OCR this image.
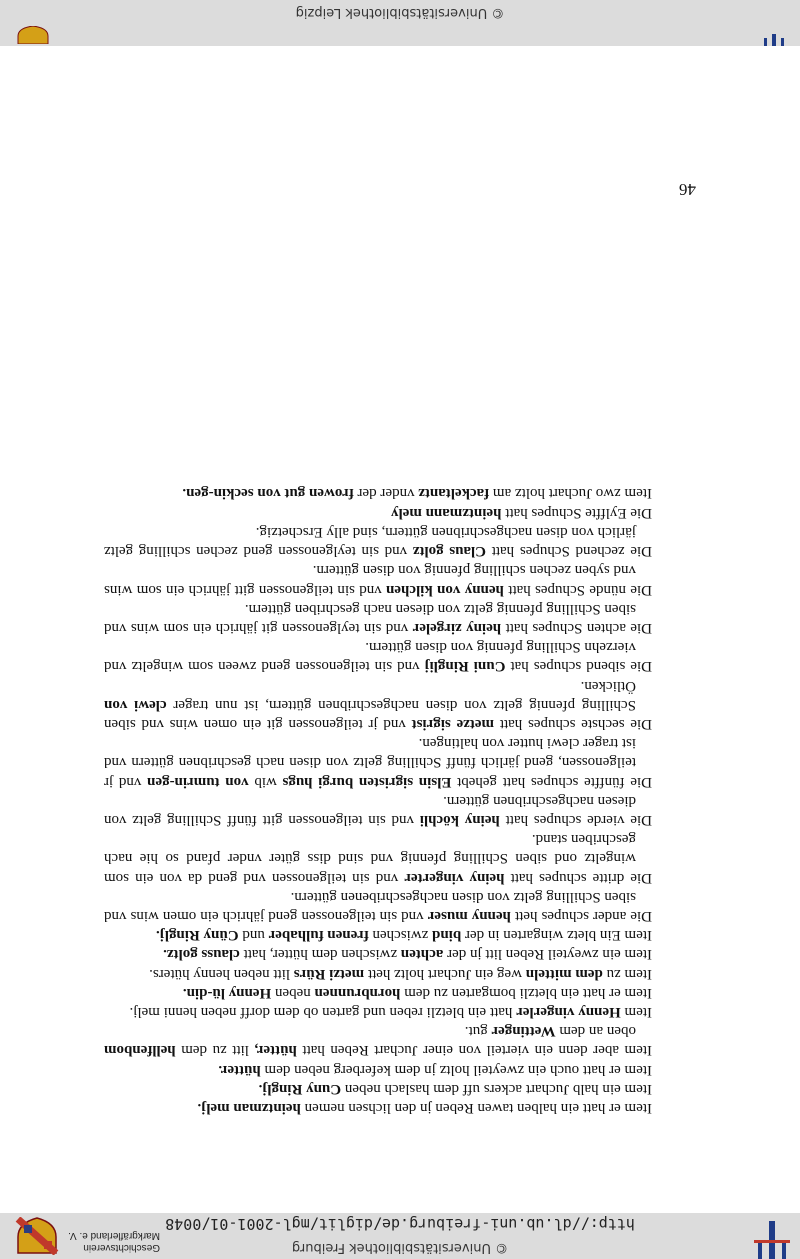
Geschichtsverein
Markgräflerland e. V.
© Universitätsbibliothek Freiburg
http://dl.ub.uni-freiburg.de/diglit/mgl-2001-01/0048

Item er hatt ein halben tawen Reben jn den lichsen nemen heintzman melj.

Item ein halb Juchart ackers uff dem haslach neben Cuny Ringlj.

Item er hatt ouch ein zweyteil holtz jn dem keferberg neben dem hütter.

Item aber denn ein vierteil von einer Juchart Reben hatt hütter, litt zu dem hellfenbom oben an dem Wettinger gut.

Item Henny vingerler hatt ein bletzli reben und garten ob dem dorff neben henni melj.

Item er hatt ein bletzli bomgarten zu dem hornbrunnen neben Henny lü-din.

Item zu dem mitteln weg ein Juchart holtz hett metzi Rürs litt neben henny hüters.

Item ein zweyteil Reben litt jn der achten zwischen dem hütter, hatt clauss goltz.

Item Ein bletz wingarten in der bind zwischen frenen fulhaber und Cüny Ringlj.

Die ander schupes hett henny muser vnd sin teilgenossen gend jährich ein omen wins vnd siben Schilling geltz von disen nachgeschribenen güttern.

Die dritte schupes hatt heiny vingerter vnd sin teilgenossen vnd gend da von ein som wingeltz ond siben Schilling pfennig vnd sind diss güter vnder pfand so hie nach geschriben stand.

Die vierde schupes hatt heiny köchli vnd sin teilgenossen gitt fünff Schilling geltz von diesen nachgeschribnen güttern.

Die fünffte schupes hatt gehebt Elsin sigristen burgi hugs wib von tumrin-gen vnd jr teilgenossen, gend järlich fünff Schilling geltz von disen nach geschribnen güttern vnd ist trager clewi hutter von haltingen.

Die sechste schupes hatt metze sigrist vnd jr teilgenossen git ein omen wins vnd siben Schilling pfennig geltz von disen nachgeschribnen güttern, ist nun trager clewi von Ötlicken.

Die sibend schupes hat Cuni Ringlij vnd sin teilgenossen gend zween som wingeltz vnd vierzehn Schilling pfennig von disen güttern.

Die achten Schupes hatt heiny zirgeler vnd sin teylgenossen git jährich ein som wins vnd siben Schilling pfennig geltz von diesen nach geschriben güttern.

Die nünde Schupes hatt henny von kilchen vnd sin teilgenossen gitt jährich ein som wins vnd syben zechen schilling pfennig von disen güttern.

Die zechend Schupes hatt Claus goltz vnd sin teylgenossen gend zechen schilling geltz järlich von disen nachgeschribnen güttern, sind ally Erschetzig.

Die Eylffte Schupes hatt heintzmann mely

Item zwo Juchart holtz am fackeltantz vnder der frowen gut von seckin-gen.

46
© Universitätsbibliothek Leipzig
